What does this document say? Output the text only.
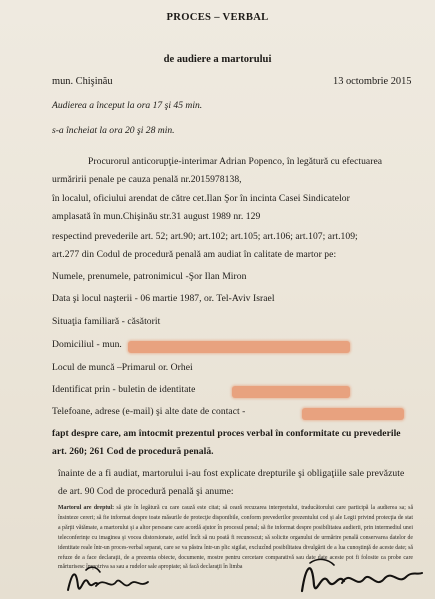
PROCES – VERBAL
de audiere a martorului
mun. Chişinău	13 octombrie 2015
Audierea a început la ora 17 şi 45 min.
s-a încheiat la ora 20 şi 28 min.
Procurorul anticorupţie-interimar Adrian Popenco, în legătură cu efectuarea
urmăririi penale pe cauza penală nr.2015978138,
în localul, oficiului arendat de către cet.Ilan Şor în incinta Casei Sindicatelor
amplasată în mun.Chişinău str.31 august 1989 nr. 129
respectind prevederile art. 52; art.90; art.102; art.105; art.106; art.107; art.109;
art.277 din Codul de procedură penală am audiat în calitate de martor pe:
Numele, prenumele, patronimicul -Şor Ilan Miron
Data şi locul naşterii - 06 martie 1987, or. Tel-Aviv Israel
Situaţia familiară - căsătorit
Domiciliul - mun.
Locul de muncă –Primarul or. Orhei
Identificat prin - buletin de identitate
Telefoane, adrese (e-mail) şi alte date de contact -
fapt despre care, am întocmit prezentul proces verbal în conformitate cu prevederile
art. 260; 261 Cod de procedură penală.
înainte de a fi audiat, martorului i-au fost explicate drepturile şi obligaţiile sale prevăzute
de art. 90 Cod de procedură penală şi anume:
Martorul are dreptul: să ştie în legătură cu care cauză este citat; să ceară recuzarea interpretului, traducătorului care participă la audierea sa; să însinteze cereri; să fie informat despre toate măsurile de protecţie disponibile, conform prevederilor prezentului cod şi ale Legii privind protecţia de stat a părţii vătămate, a martorului şi a altor persoane care acordă ajutor în procesul penal; să fie informat despre posibilitatea audierii, prin intermediul unei teleconferinţe cu imaginea şi vocea distorsionate, astfel încît să nu poată fi recunoscut; să solicite organului de urmărire penală conservarea datelor de identitate reale într-un proces-verbal separat, care se va păstra într-un plic sigilat, excluzînd posibilitatea divulgării de a lua cunoştinţă de aceste date; să refuze de a face declaraţii, de a prezenta obiecte, documente, mostre pentru cercetare comparativă sau date date aceste pot fi folosite ca probe care mărturisesc împotriva sa sau a rudelor sale apropiate; să facă declaraţii în limba
